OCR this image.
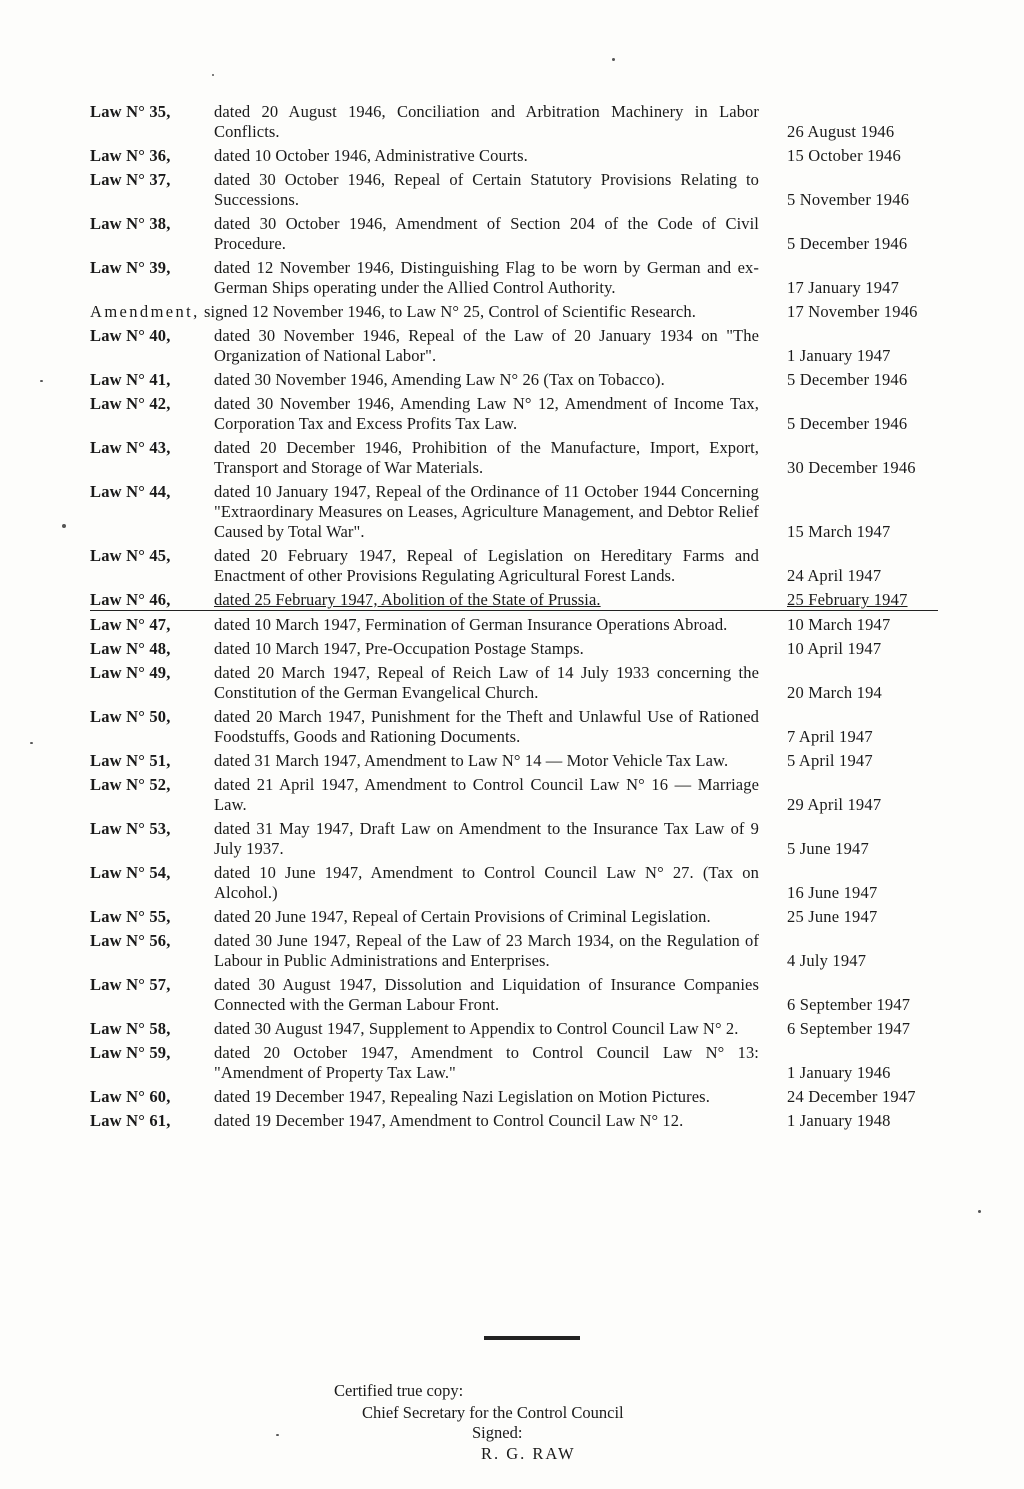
Law N° 35,	dated 20 August 1946, Conciliation and Arbitration Machinery in Labor Conflicts.	26 August 1946
Law N° 36,	dated 10 October 1946, Administrative Courts.	15 October 1946
Law N° 37,	dated 30 October 1946, Repeal of Certain Statutory Provisions Relating to Successions.	5 November 1946
Law N° 38,	dated 30 October 1946, Amendment of Section 204 of the Code of Civil Procedure.	5 December 1946
Law N° 39,	dated 12 November 1946, Distinguishing Flag to be worn by German and ex-German Ships operating under the Allied Control Authority.	17 January 1947
Amendment, signed 12 November 1946, to Law N° 25, Control of Scientific Research.	17 November 1946
Law N° 40,	dated 30 November 1946, Repeal of the Law of 20 January 1934 on "The Organization of National Labor".	1 January 1947
Law N° 41,	dated 30 November 1946, Amending Law N° 26 (Tax on Tobacco).	5 December 1946
Law N° 42,	dated 30 November 1946, Amending Law N° 12, Amendment of Income Tax, Corporation Tax and Excess Profits Tax Law.	5 December 1946
Law N° 43,	dated 20 December 1946, Prohibition of the Manufacture, Import, Export, Transport and Storage of War Materials.	30 December 1946
Law N° 44,	dated 10 January 1947, Repeal of the Ordinance of 11 October 1944 Concerning "Extraordinary Measures on Leases, Agriculture Management, and Debtor Relief Caused by Total War".	15 March 1947
Law N° 45,	dated 20 February 1947, Repeal of Legislation on Hereditary Farms and Enactment of other Provisions Regulating Agricultural Forest Lands.	24 April 1947
Law N° 46,	dated 25 February 1947, Abolition of the State of Prussia.	25 February 1947
Law N° 47,	dated 10 March 1947, Fermination of German Insurance Operations Abroad.	10 March 1947
Law N° 48,	dated 10 March 1947, Pre-Occupation Postage Stamps.	10 April 1947
Law N° 49,	dated 20 March 1947, Repeal of Reich Law of 14 July 1933 concerning the Constitution of the German Evangelical Church.	20 March 194
Law N° 50,	dated 20 March 1947, Punishment for the Theft and Unlawful Use of Rationed Foodstuffs, Goods and Rationing Documents.	7 April 1947
Law N° 51,	dated 31 March 1947, Amendment to Law N° 14 — Motor Vehicle Tax Law.	5 April 1947
Law N° 52,	dated 21 April 1947, Amendment to Control Council Law N° 16 — Marriage Law.	29 April 1947
Law N° 53,	dated 31 May 1947, Draft Law on Amendment to the Insurance Tax Law of 9 July 1937.	5 June 1947
Law N° 54,	dated 10 June 1947, Amendment to Control Council Law N° 27. (Tax on Alcohol.)	16 June 1947
Law N° 55,	dated 20 June 1947, Repeal of Certain Provisions of Criminal Legislation.	25 June 1947
Law N° 56,	dated 30 June 1947, Repeal of the Law of 23 March 1934, on the Regulation of Labour in Public Administrations and Enterprises.	4 July 1947
Law N° 57,	dated 30 August 1947, Dissolution and Liquidation of Insurance Companies Connected with the German Labour Front.	6 September 1947
Law N° 58,	dated 30 August 1947, Supplement to Appendix to Control Council Law N° 2.	6 September 1947
Law N° 59,	dated 20 October 1947, Amendment to Control Council Law N° 13: "Amendment of Property Tax Law."	1 January 1946
Law N° 60,	dated 19 December 1947, Repealing Nazi Legislation on Motion Pictures.	24 December 1947
Law N° 61,	dated 19 December 1947, Amendment to Control Council Law N° 12.	1 January 1948
Certified true copy:
Chief Secretary for the Control Council
Signed:
R. G. RAW
